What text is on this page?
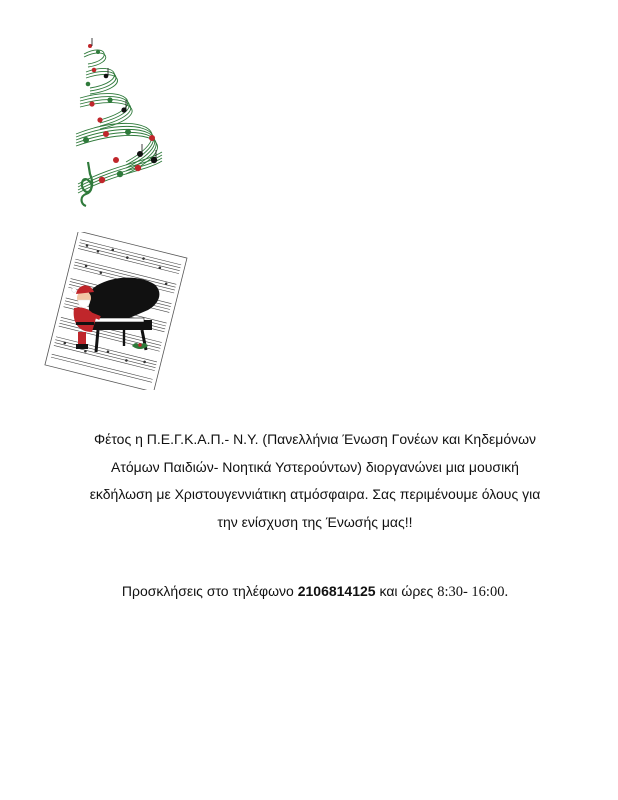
Φέτος η Π.Ε.Γ.Κ.Α.Π.- Ν.Υ. (Πανελλήνια Ένωση Γονέων και Κηδεμόνων

Ατόμων Παιδιών- Νοητικά Υστερούντων) διοργανώνει μια μουσική

εκδήλωση με Χριστουγεννιάτικη ατμόσφαιρα. Σας περιμένουμε όλους για

την ενίσχυση της Ένωσής μας!!

Προσκλήσεις στο τηλέφωνο 2106814125 και ώρες 8:30- 16:00.
